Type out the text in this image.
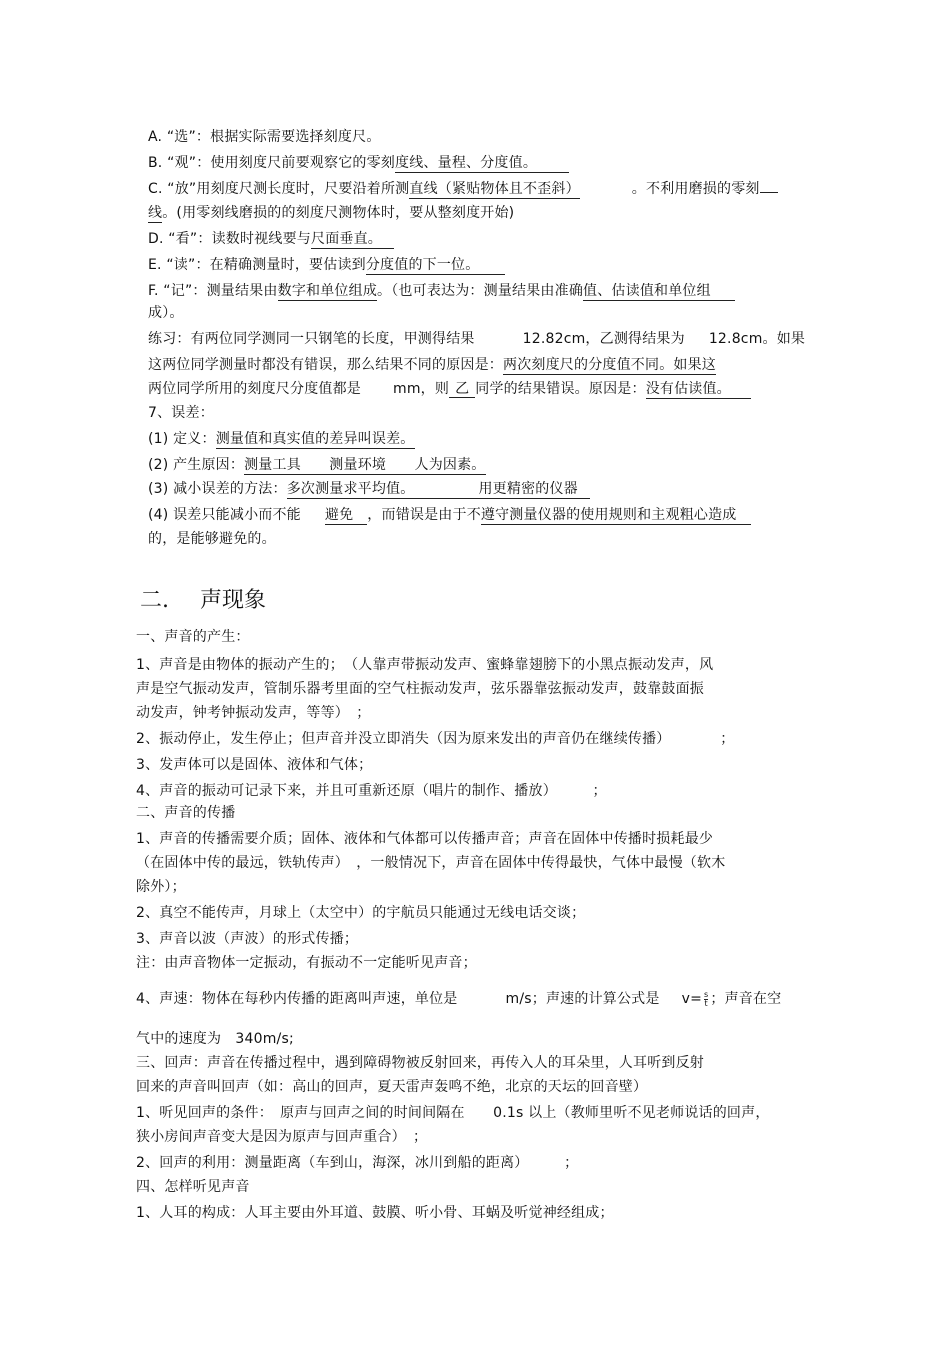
A. “选”：根据实际需要选择刻度尺。
B. “观”：使用刻度尺前要观察它的零刻度线、量程、分度值。
C. “放”用刻度尺测长度时，尺要沿着所测直线（紧贴物体且不歪斜）	。不利用磨损的零刻
线。(用零刻线磨损的的刻度尺测物体时，要从整刻度开始)
D. “看”：读数时视线要与尺面垂直。
E. “读”：在精确测量时，要估读到分度值的下一位。
F. “记”：测量结果由数字和单位组成。（也可表达为：测量结果由准确值、估读值和单位组
成）。
练习：有两位同学测同一只钢笔的长度，甲测得结果	12.82cm，乙测得结果为 12.8cm。如果
这两位同学测量时都没有错误，那么结果不同的原因是：两次刻度尺的分度值不同。如果这
两位同学所用的刻度尺分度值都是 mm，则 乙 同学的结果错误。原因是：没有估读值。
7、误差：
(1) 定义：测量值和真实值的差异叫误差。
(2) 产生原因：测量工具　　测量环境　　人为因素。
(3) 减小误差的方法：多次测量求平均值。　　　　　用更精密的仪器
(4) 误差只能减小而不能 避免 ，而错误是由于不遵守测量仪器的使用规则和主观粗心造成
的，是能够避免的。
二. 声现象
一、声音的产生：
1、声音是由物体的振动产生的；　（人靠声带振动发声、蜜蜂靠翅膀下的小黑点振动发声，风
声是空气振动发声，管制乐器考里面的空气柱振动发声，弦乐器靠弦振动发声，鼓靠鼓面振
动发声，钟考钟振动发声，等等）　；
2、振动停止，发生停止；但声音并没立即消失（因为原来发出的声音仍在继续传播）　　　　；
3、发声体可以是固体、液体和气体；
4、声音的振动可记录下来，并且可重新还原（唱片的制作、播放）　　　；
二、声音的传播
1、声音的传播需要介质；固体、液体和气体都可以传播声音；声音在固体中传播时损耗最少
（在固体中传的最远，铁轨传声）　，一般情况下，声音在固体中传得最快，气体中最慢（软木
除外）；
2、真空不能传声，月球上（太空中）的宇航员只能通过无线电话交谈；
3、声音以波（声波）的形式传播；
注：由声音物体一定振动，有振动不一定能听见声音；
4、声速：物体在每秒内传播的距离叫声速，单位是	m/s；声速的计算公式是 $v= \frac{s}{t}$ ；声音在空
气中的速度为　340m/s;
三、回声：声音在传播过程中，遇到障碍物被反射回来，再传入人的耳朵里，人耳听到反射
回来的声音叫回声（如：高山的回声，夏天雷声轰鸣不绝，北京的天坛的回音壁）
1、听见回声的条件：　原声与回声之间的时间间隔在　　0.1s 以上（教师里听不见老师说话的回声，
狭小房间声音变大是因为原声与回声重合）　；
2、回声的利用：测量距离（车到山，海深，冰川到船的距离）　　　；
四、怎样听见声音
1、人耳的构成：人耳主要由外耳道、鼓膜、听小骨、耳蜗及听觉神经组成；
